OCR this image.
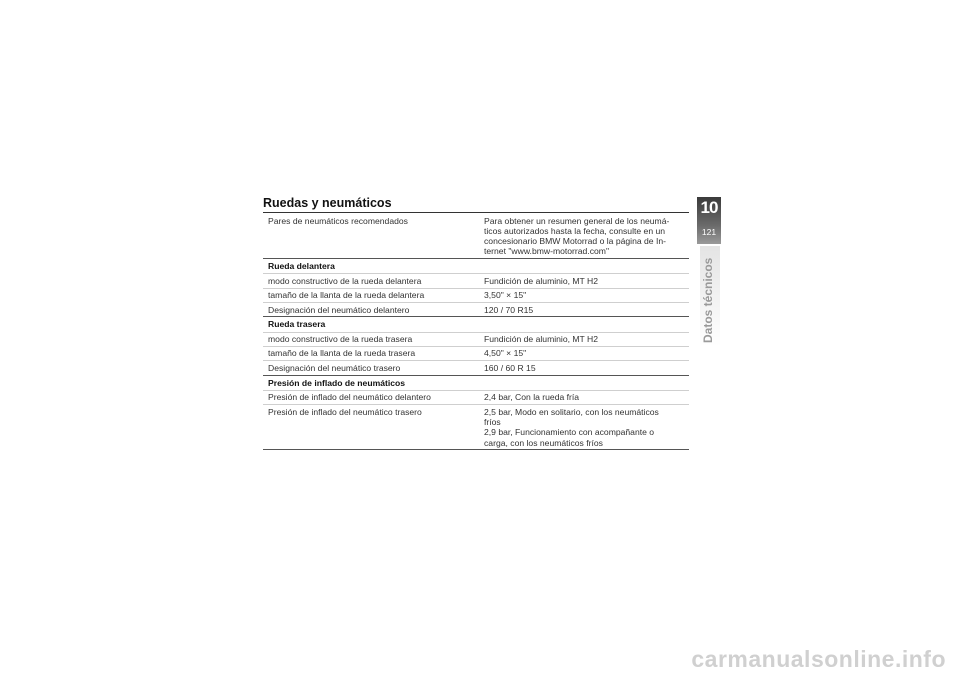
Ruedas y neumáticos
Pares de neumáticos recomendados	Para obtener un resumen general de los neumá-
ticos autorizados hasta la fecha, consulte en un
concesionario BMW Motorrad o la página de In-
ternet "www.bmw-motorrad.com"

Rueda delantera	
modo constructivo de la rueda delantera	Fundición de aluminio, MT H2
tamaño de la llanta de la rueda delantera	3,50" × 15"
Designación del neumático delantero	120 / 70 R15
Rueda trasera	
modo constructivo de la rueda trasera	Fundición de aluminio, MT H2
tamaño de la llanta de la rueda trasera	4,50" × 15"
Designación del neumático trasero	160 / 60 R 15
Presión de inflado de neumáticos	
Presión de inflado del neumático delantero	2,4 bar, Con la rueda fría
Presión de inflado del neumático trasero	2,5 bar, Modo en solitario, con los neumáticos
fríos
2,9 bar, Funcionamiento con acompañante o
carga, con los neumáticos fríos
10
121
Datos técnicos
carmanualsonline.info
